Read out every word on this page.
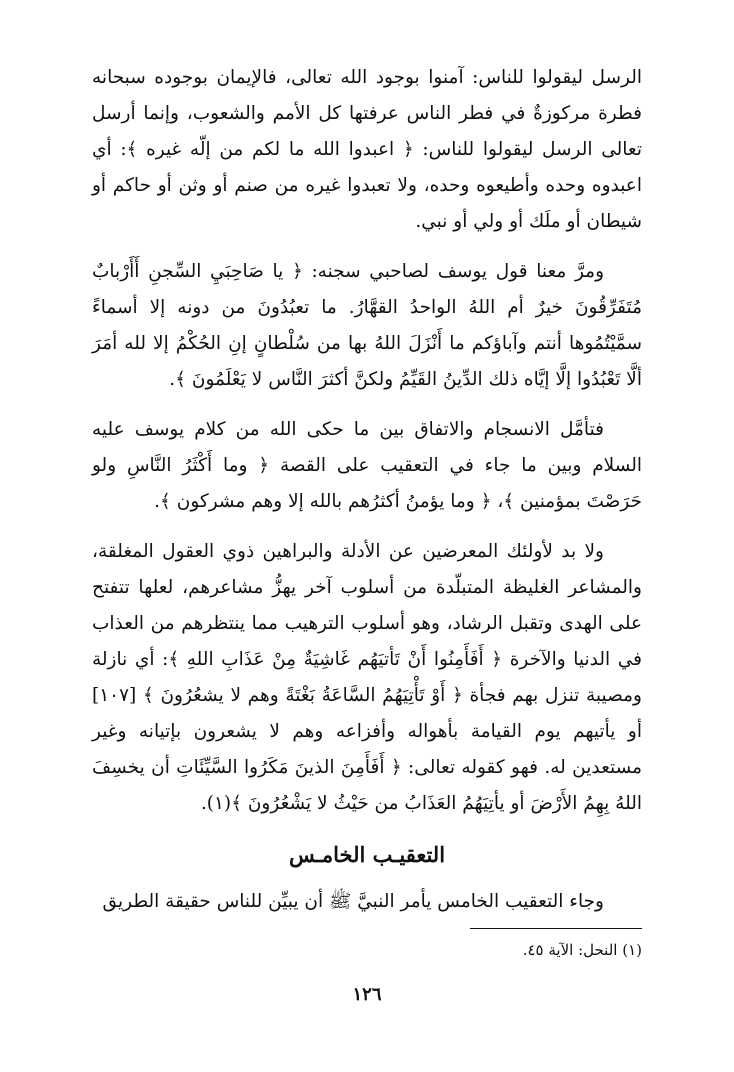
الرسل ليقولوا للناس: آمنوا بوجود الله تعالى، فالإيمان بوجوده سبحانه فطرة مركوزةٌ في فطر الناس عرفتها كل الأمم والشعوب، وإنما أرسل تعالى الرسل ليقولوا للناس: ﴿ اعبدوا الله ما لكم من إلّه غيره ﴾: أي اعبدوه وحده وأطيعوه وحده، ولا تعبدوا غيره من صنم أو وثن أو حاكم أو شيطان أو ملَك أو ولي أو نبي.

ومرَّ معنا قول يوسف لصاحبي سجنه: ﴿ يا صَاحِبَيِ السِّجنِ أَأَرْبابٌ مُتَفَرِّقُونَ خيرٌ أم اللهُ الواحدُ القهَّارُ. ما تعبُدُونَ من دونه إلا أسماءً سمَّيْتُمُوها أنتم وآباؤكم ما أَنْزَلَ اللهُ بها من سُلْطانٍ إنِ الحُكْمُ إلا لله أمَرَ ألَّا تَعْبُدُوا إلَّا إيَّاه ذلك الدِّينُ القَيِّمُ ولكنَّ أكثرَ النَّاس لا يَعْلَمُونَ ﴾.

فتأمَّل الانسجام والاتفاق بين ما حكى الله من كلام يوسف عليه السلام وبين ما جاء في التعقيب على القصة ﴿ وما أَكْثَرُ النَّاسِ ولو حَرَصْتَ بمؤمنين ﴾، ﴿ وما يؤمنُ أكثرُهم بالله إلا وهم مشركون ﴾.

ولا بد لأولئك المعرضين عن الأدلة والبراهين ذوي العقول المغلقة، والمشاعر الغليظة المتبلّدة من أسلوب آخر يهزُّ مشاعرهم، لعلها تتفتح على الهدى وتقبل الرشاد، وهو أسلوب الترهيب مما ينتظرهم من العذاب في الدنيا والآخرة ﴿ أَفَأَمِنُوا أَنْ تَأتيَهُم غَاشِيَةٌ مِنْ عَذَابِ اللهِ ﴾: أي نازلة ومصيبة تنزل بهم فجأة ﴿ أَوْ تَأْتِيَهُمُ السَّاعَةُ بَغْتَةً وهم لا يشعُرُونَ ﴾ [١٠٧] أو يأتيهم يوم القيامة بأهواله وأفزاعه وهم لا يشعرون بإتيانه وغير مستعدين له. فهو كقوله تعالى: ﴿ أَفَأَمِنَ الذينَ مَكَرُوا السَّيِّئَاتِ أن يخسِفَ اللهُ بِهِمُ الأَرْضَ أو يأتِيَهُمُ العَذَابُ من حَيْثُ لا يَشْعُرُونَ ﴾(١).

التعقيـب الخامـس

وجاء التعقيب الخامس يأمر النبيَّ ﷺ أن يبيِّن للناس حقيقة الطريق

(١) النحل: الآية ٤٥.
١٢٦
